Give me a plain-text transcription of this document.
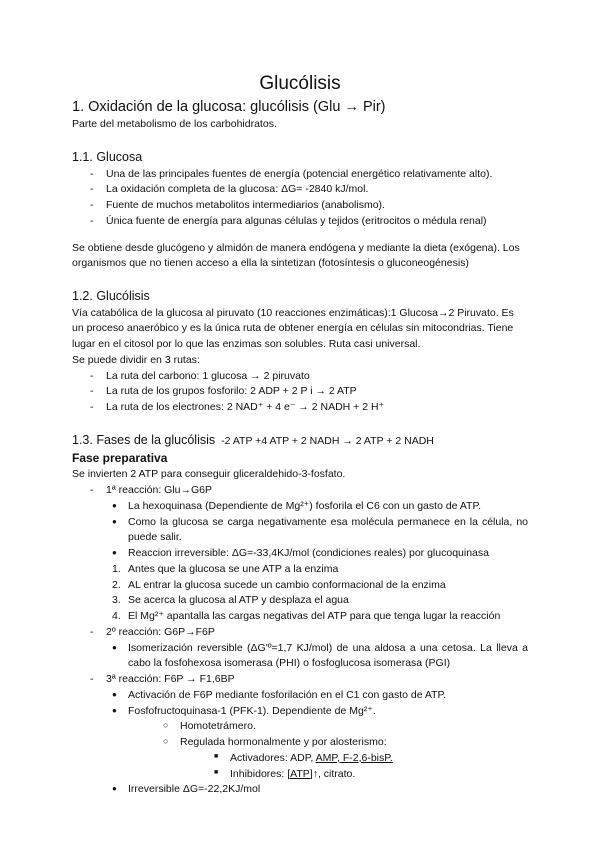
Glucólisis
1. Oxidación de la glucosa: glucólisis (Glu → Pir)

Parte del metabolismo de los carbohidratos.

1.1. Glucosa
- Una de las principales fuentes de energía (potencial energético relativamente alto).
- La oxidación completa de la glucosa: ΔG= -2840 kJ/mol.
- Fuente de muchos metabolitos intermediarios (anabolismo).
- Única fuente de energía para algunas células y tejidos (eritrocitos o médula renal)

Se obtiene desde glucógeno y almidón de manera endógena y mediante la dieta (exógena). Los organismos que no tienen acceso a ella la sintetizan (fotosíntesis o gluconeogénesis)

1.2. Glucólisis

Vía catabólica de la glucosa al piruvato (10 reacciones enzimáticas):1 Glucosa→2 Piruvato. Es un proceso anaeróbico y es la única ruta de obtener energía en células sin mitocondrias. Tiene lugar en el citosol por lo que las enzimas son solubles. Ruta casi universal.

Se puede dividir en 3 rutas:

- La ruta del carbono: 1 glucosa → 2 piruvato
- La ruta de los grupos fosforilo: 2 ADP + 2 P i → 2 ATP
- La ruta de los electrones: 2 NAD⁺ + 4 e⁻ → 2 NADH + 2 H⁺
1.3. Fases de la glucólisis -2 ATP +4 ATP + 2 NADH → 2 ATP + 2 NADH

Fase preparativa

Se invierten 2 ATP para conseguir gliceraldehido-3-fosfato.

- 1ª reacción: Glu→G6P
● La hexoquinasa (Dependiente de Mg²⁺) fosforila el C6 con un gasto de ATP.
● Como la glucosa se carga negativamente esa molécula permanece en la célula, no puede salir.
● Reaccion irreversible: ΔG=-33,4KJ/mol (condiciones reales) por glucoquinasa
1. Antes que la glucosa se une ATP a la enzima
2. AL entrar la glucosa sucede un cambio conformacional de la enzima
3. Se acerca la glucosa al ATP y desplaza el agua
4. El Mg²⁺ apantalla las cargas negativas del ATP para que tenga lugar la reacción
- 2º reacción: G6P→F6P
● Isomerización reversible (ΔG'º=1,7 KJ/mol) de una aldosa a una cetosa. La lleva a cabo la fosfohexosa isomerasa (PHI) o fosfoglucosa isomerasa (PGI)
- 3ª reacción: F6P → F1,6BP
● Activación de F6P mediante fosforilación en el C1 con gasto de ATP.
● Fosfofructoquinasa-1 (PFK-1). Dependiente de Mg²⁺.
○ Homotetrámero.
○ Regulada hormonalmente y por alosterismo:
■ Activadores: ADP, AMP, F-2,6-bisP.
■ Inhibidores: [ATP]↑, citrato.
● Irreversible ΔG=-22,2KJ/mol
